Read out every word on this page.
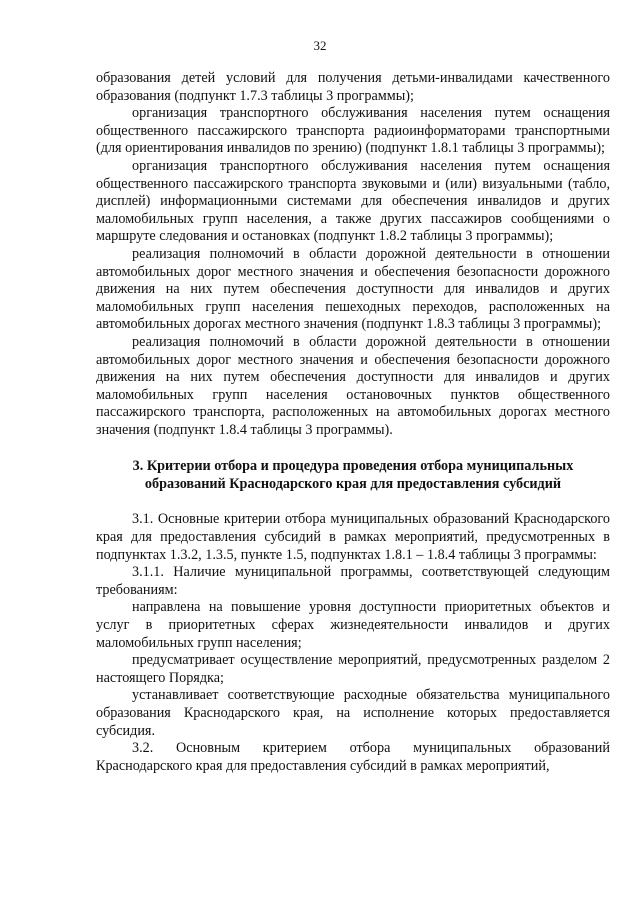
32
образования детей условий для получения детьми-инвалидами качественного образования (подпункт 1.7.3 таблицы 3 программы);
организация транспортного обслуживания населения путем оснащения общественного пассажирского транспорта радиоинформаторами транспортными (для ориентирования инвалидов по зрению) (подпункт 1.8.1 таблицы 3 программы);
организация транспортного обслуживания населения путем оснащения общественного пассажирского транспорта звуковыми и (или) визуальными (табло, дисплей) информационными системами для обеспечения инвалидов и других маломобильных групп населения, а также других пассажиров сообщениями о маршруте следования и остановках (подпункт 1.8.2 таблицы 3 программы);
реализация полномочий в области дорожной деятельности в отношении автомобильных дорог местного значения и обеспечения безопасности дорожного движения на них путем обеспечения доступности для инвалидов и других маломобильных групп населения пешеходных переходов, расположенных на автомобильных дорогах местного значения (подпункт 1.8.3 таблицы 3 программы);
реализация полномочий в области дорожной деятельности в отношении автомобильных дорог местного значения и обеспечения безопасности дорожного движения на них путем обеспечения доступности для инвалидов и других маломобильных групп населения остановочных пунктов общественного пассажирского транспорта, расположенных на автомобильных дорогах местного значения (подпункт 1.8.4 таблицы 3 программы).
3. Критерии отбора и процедура проведения отбора муниципальных
образований Краснодарского края для предоставления субсидий
3.1. Основные критерии отбора муниципальных образований Краснодарского края для предоставления субсидий в рамках мероприятий, предусмотренных в подпунктах 1.3.2, 1.3.5, пункте 1.5, подпунктах 1.8.1 – 1.8.4 таблицы 3 программы:
3.1.1. Наличие муниципальной программы, соответствующей следующим требованиям:
направлена на повышение уровня доступности приоритетных объектов и услуг в приоритетных сферах жизнедеятельности инвалидов и других маломобильных групп населения;
предусматривает осуществление мероприятий, предусмотренных разделом 2 настоящего Порядка;
устанавливает соответствующие расходные обязательства муниципального образования Краснодарского края, на исполнение которых предоставляется субсидия.
3.2. Основным критерием отбора муниципальных образований Краснодарского края для предоставления субсидий в рамках мероприятий,
